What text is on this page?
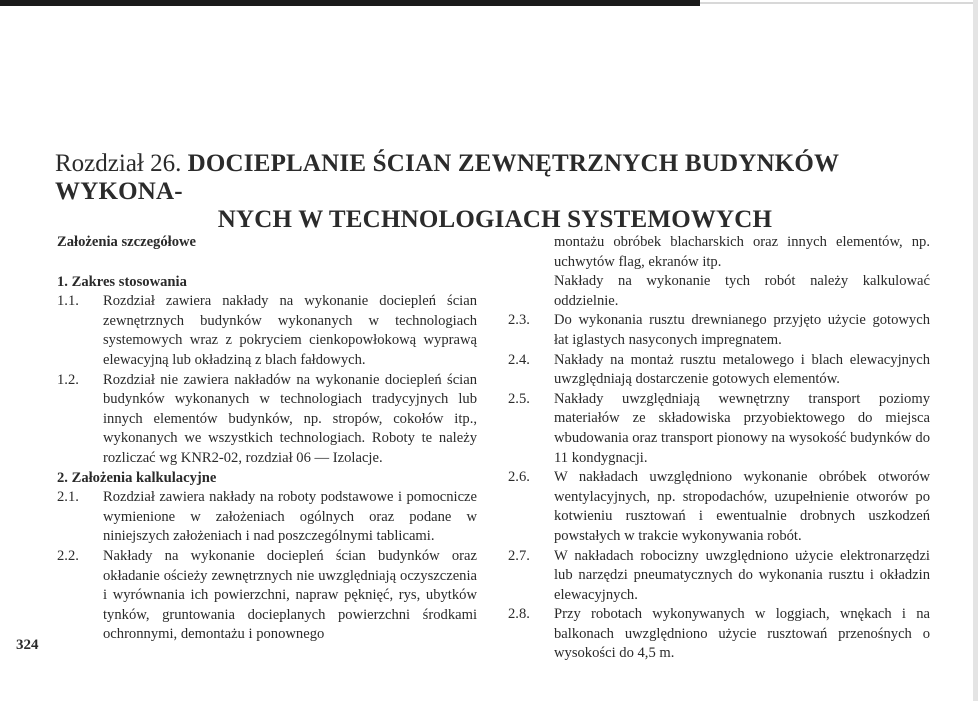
Rozdział 26. DOCIEPLANIE ŚCIAN ZEWNĘTRZNYCH BUDYNKÓW WYKONA-
NYCH W TECHNOLOGIACH SYSTEMOWYCH
Założenia szczegółowe
1. Zakres stosowania
1.1.	Rozdział zawiera nakłady na wykonanie dociepleń ścian zewnętrznych budynków wykonanych w technologiach systemowych wraz z pokryciem cienkopowłokową wyprawą elewacyjną lub okładziną z blach fałdowych.
1.2.	Rozdział nie zawiera nakładów na wykonanie dociepleń ścian budynków wykonanych w technologiach tradycyjnych lub innych elementów budynków, np. stropów, cokołów itp., wykonanych we wszystkich technologiach. Roboty te należy rozliczać wg KNR2-02, rozdział 06 — Izolacje.
2. Założenia kalkulacyjne
2.1.	Rozdział zawiera nakłady na roboty podstawowe i pomocnicze wymienione w założeniach ogólnych oraz podane w niniejszych założeniach i nad poszczególnymi tablicami.
2.2.	Nakłady na wykonanie dociepleń ścian budynków oraz okładanie ościeży zewnętrznych nie uwzględniają oczyszczenia i wyrównania ich powierzchni, napraw pęknięć, rys, ubytków tynków, gruntowania docieplanych powierzchni środkami ochronnymi, demontażu i ponownego
montażu obróbek blacharskich oraz innych elementów, np. uchwytów flag, ekranów itp.
Nakłady na wykonanie tych robót należy kalkulować oddzielnie.
2.3.	Do wykonania rusztu drewnianego przyjęto użycie gotowych łat iglastych nasyconych impregnatem.
2.4.	Nakłady na montaż rusztu metalowego i blach elewacyjnych uwzględniają dostarczenie gotowych elementów.
2.5.	Nakłady uwzględniają wewnętrzny transport poziomy materiałów ze składowiska przyobiektowego do miejsca wbudowania oraz transport pionowy na wysokość budynków do 11 kondygnacji.
2.6.	W nakładach uwzględniono wykonanie obróbek otworów wentylacyjnych, np. stropodachów, uzupełnienie otworów po kotwieniu rusztowań i ewentualnie drobnych uszkodzeń powstałych w trakcie wykonywania robót.
2.7.	W nakładach robocizny uwzględniono użycie elektronarzędzi lub narzędzi pneumatycznych do wykonania rusztu i okładzin elewacyjnych.
2.8.	Przy robotach wykonywanych w loggiach, wnękach i na balkonach uwzględniono użycie rusztowań przenośnych o wysokości do 4,5 m.
324
